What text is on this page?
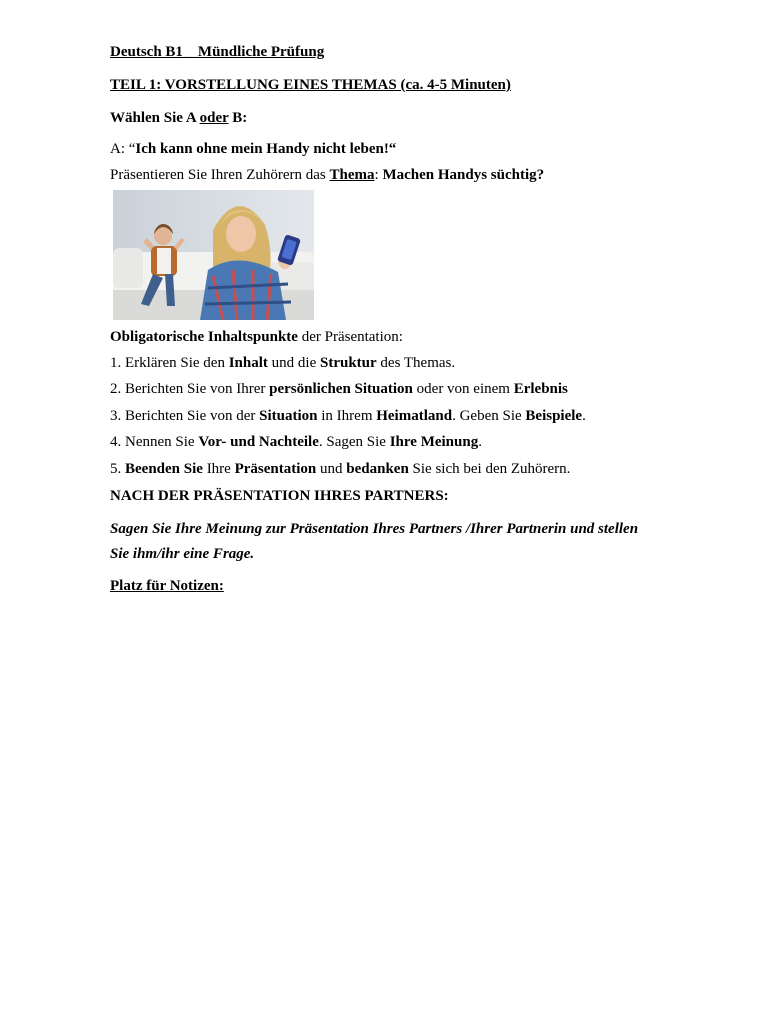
Deutsch B1__Mündliche Prüfung
TEIL 1: VORSTELLUNG EINES THEMAS (ca. 4-5 Minuten)
Wählen Sie A oder B:
A: “Ich kann ohne mein Handy nicht leben!“
Präsentieren Sie Ihren Zuhörern das Thema: Machen Handys süchtig?
Obligatorische Inhaltspunkte der Präsentation:
1. Erklären Sie den Inhalt und die Struktur des Themas.
2. Berichten Sie von Ihrer persönlichen Situation oder von einem Erlebnis
3. Berichten Sie von der Situation in Ihrem Heimatland. Geben Sie Beispiele.
4. Nennen Sie Vor- und Nachteile. Sagen Sie Ihre Meinung.
5. Beenden Sie Ihre Präsentation und bedanken Sie sich bei den Zuhörern.
NACH DER PRÄSENTATION IHRES PARTNERS:
Sagen Sie Ihre Meinung zur Präsentation Ihres Partners /Ihrer Partnerin und stellen
Sie ihm/ihr eine Frage.
Platz für Notizen:
